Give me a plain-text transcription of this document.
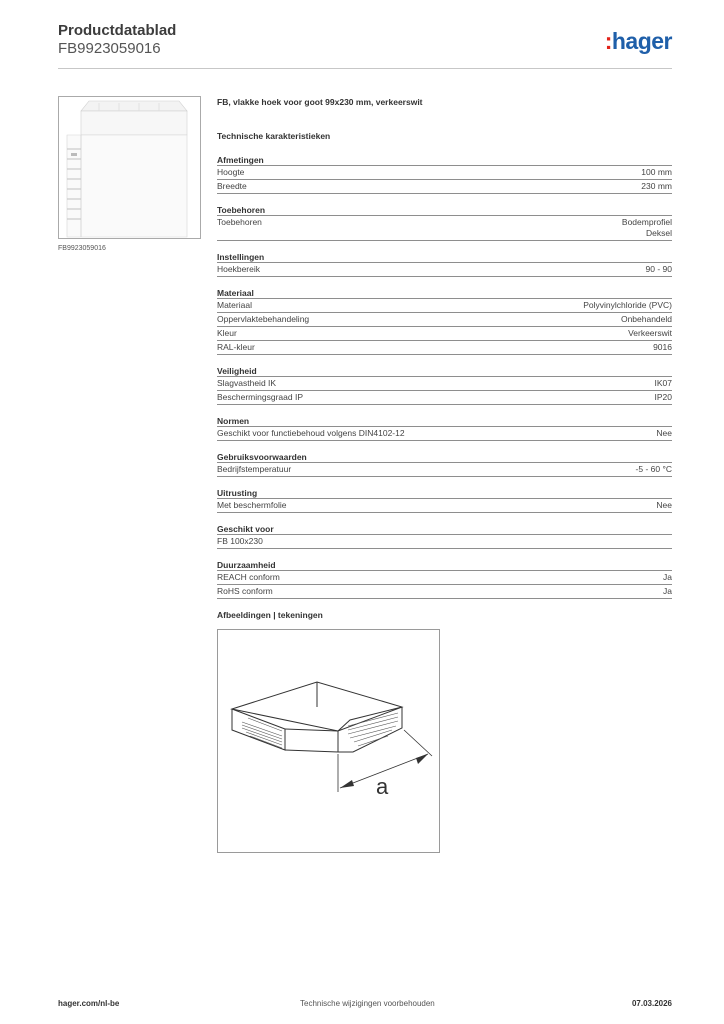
Productdatablad
FB9923059016	:hager
FB9923059016
FB, vlakke hoek voor goot 99x230 mm, verkeerswit
Technische karakteristieken
Afmetingen
Hoogte	100 mm
Breedte	230 mm
Toebehoren
Toebehoren	Bodemprofiel
Deksel
Instellingen
Hoekbereik	90 - 90
Materiaal
Materiaal	Polyvinylchloride (PVC)
Oppervlaktebehandeling	Onbehandeld
Kleur	Verkeerswit
RAL-kleur	9016
Veiligheid
Slagvastheid IK	IK07
Beschermingsgraad IP	IP20
Normen
Geschikt voor functiebehoud volgens DIN4102-12	Nee
Gebruiksvoorwaarden
Bedrijfstemperatuur	-5 - 60 °C
Uitrusting
Met beschermfolie	Nee
Geschikt voor
FB 100x230
Duurzaamheid
REACH conform	Ja
RoHS conform	Ja
Afbeeldingen | tekeningen
a
hager.com/nl-be	Technische wijzigingen voorbehouden	07.03.2026
